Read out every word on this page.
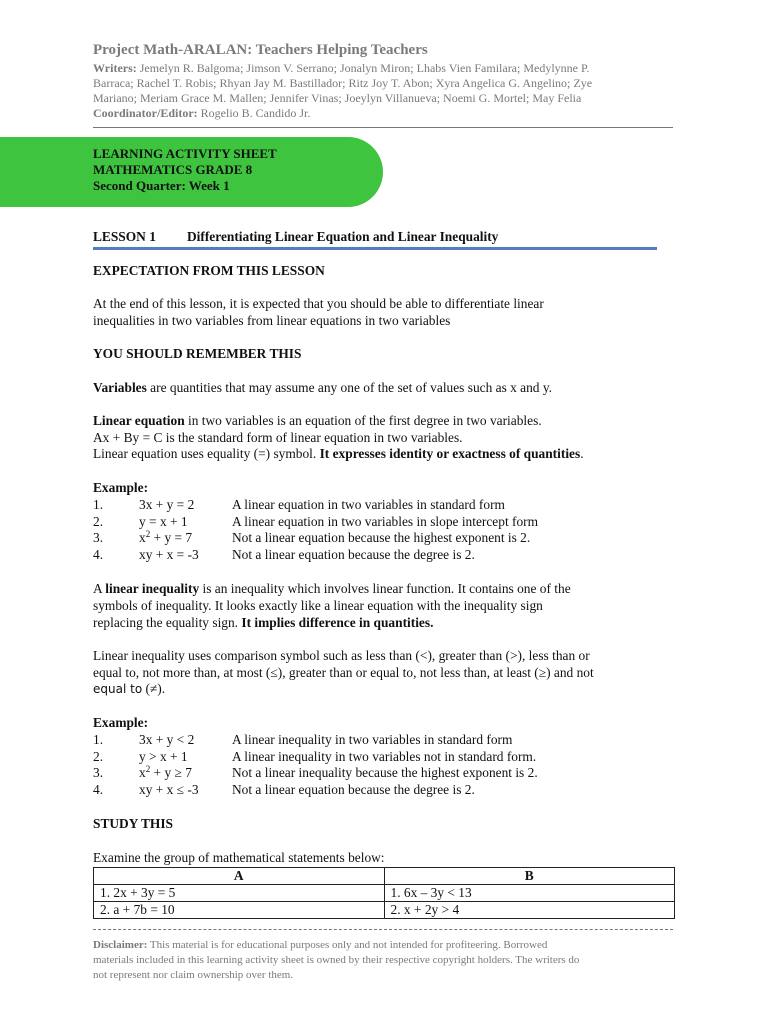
Project Math-ARALAN: Teachers Helping Teachers
Writers: Jemelyn R. Balgoma; Jimson V. Serrano; Jonalyn Miron; Lhabs Vien Familara; Medylynne P.
Barraca; Rachel T. Robis; Rhyan Jay M. Bastillador; Ritz Joy T. Abon; Xyra Angelica G. Angelino; Zye
Mariano; Meriam Grace M. Mallen; Jennifer Vinas; Joeylyn Villanueva; Noemi G. Mortel; May Felia
Coordinator/Editor: Rogelio B. Candido Jr.
LEARNING ACTIVITY SHEET
MATHEMATICS GRADE 8
Second Quarter: Week 1
LESSON 1 Differentiating Linear Equation and Linear Inequality
EXPECTATION FROM THIS LESSON
At the end of this lesson, it is expected that you should be able to differentiate linear
inequalities in two variables from linear equations in two variables
YOU SHOULD REMEMBER THIS
Variables are quantities that may assume any one of the set of values such as x and y.
Linear equation in two variables is an equation of the first degree in two variables.
Ax + By = C is the standard form of linear equation in two variables.
Linear equation uses equality (=) symbol. It expresses identity or exactness of quantities.
Example:
1.	3x + y = 2	A linear equation in two variables in standard form
2.	y = x + 1	A linear equation in two variables in slope intercept form
3.	$x^2 + y = 7$	Not a linear equation because the highest exponent is 2.
4.	xy + x = -3 Not a linear equation because the degree is 2.
A linear inequality is an inequality which involves linear function. It contains one of the
symbols of inequality. It looks exactly like a linear equation with the inequality sign
replacing the equality sign. It implies difference in quantities.
Linear inequality uses comparison symbol such as less than (<), greater than (>), less than or
equal to, not more than, at most (≤), greater than or equal to, not less than, at least (≥) and not
equal to (≠).
Example:
1.	3x + y < 2	A linear inequality in two variables in standard form
2.	y > x + 1	A linear inequality in two variables not in standard form.
3.	$x^2 + y \ge 7$	Not a linear inequality because the highest exponent is 2.
4.	xy + x ≤ -3 Not a linear equation because the degree is 2.
STUDY THIS
Examine the group of mathematical statements below:
A	B
1. 2x + 3y = 5	1. 6x – 3y < 13
2. a + 7b = 10	2. x + 2y > 4
Disclaimer: This material is for educational purposes only and not intended for profiteering. Borrowed
materials included in this learning activity sheet is owned by their respective copyright holders. The writers do
not represent nor claim ownership over them.
